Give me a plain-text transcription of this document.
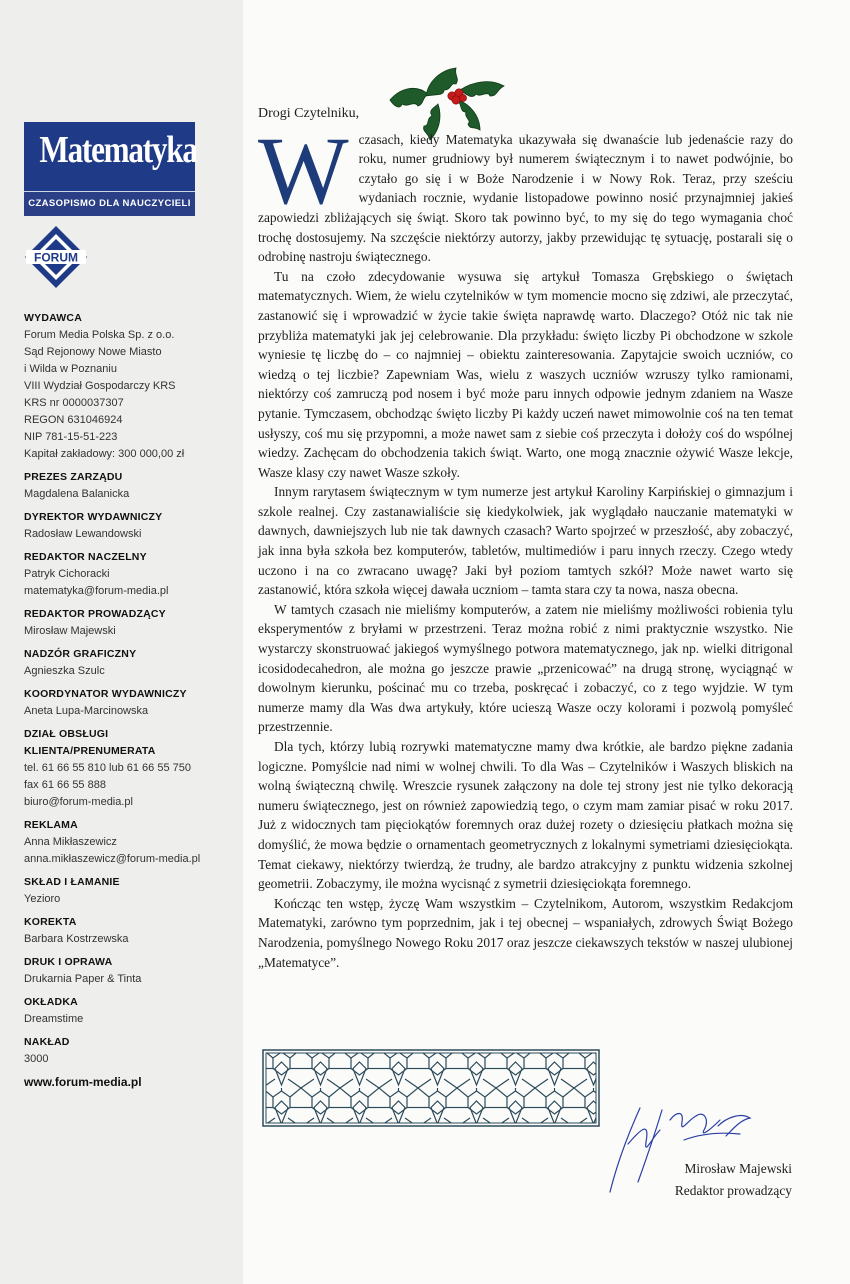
Matematyka
CZASOPISMO DLA NAUCZYCIELI
FORUM
WYDAWCA
Forum Media Polska Sp. z o.o.
Sąd Rejonowy Nowe Miasto
i Wilda w Poznaniu
VIII Wydział Gospodarczy KRS
KRS nr 0000037307
REGON 631046924
NIP 781-15-51-223
Kapitał zakładowy: 300 000,00 zł
PREZES ZARZĄDU
Magdalena Balanicka
DYREKTOR WYDAWNICZY
Radosław Lewandowski
REDAKTOR NACZELNY
Patryk Cichoracki
matematyka@forum-media.pl
REDAKTOR PROWADZĄCY
Mirosław Majewski
NADZÓR GRAFICZNY
Agnieszka Szulc
KOORDYNATOR WYDAWNICZY
Aneta Lupa-Marcinowska
DZIAŁ OBSŁUGI KLIENTA/PRENUMERATA
tel. 61 66 55 810 lub 61 66 55 750
fax 61 66 55 888
biuro@forum-media.pl
REKLAMA
Anna Mikłaszewicz
anna.mikłaszewicz@forum-media.pl
SKŁAD I ŁAMANIE
Yezioro
KOREKTA
Barbara Kostrzewska
DRUK I OPRAWA
Drukarnia Paper & Tinta
OKŁADKA
Dreamstime
NAKŁAD
3000
www.forum-media.pl
Drogi Czytelniku,

Wczasach, kiedy Matematyka ukazywała się dwanaście lub jedenaście razy do roku, numer grudniowy był numerem świątecznym i to nawet podwójnie, bo czytało go się i w Boże Narodzenie i w Nowy Rok. Teraz, przy sześciu wydaniach rocznie, wydanie listopadowe powinno nosić przynajmniej jakieś zapowiedzi zbliżających się świąt. Skoro tak powinno być, to my się do tego wymagania choć trochę dostosujemy. Na szczęście niektórzy autorzy, jakby przewidując tę sytuację, postarali się o odrobinę nastroju świątecznego.

Tu na czoło zdecydowanie wysuwa się artykuł Tomasza Grębskiego o świętach matematycznych. Wiem, że wielu czytelników w tym momencie mocno się zdziwi, ale przeczytać, zastanowić się i wprowadzić w życie takie święta naprawdę warto. Dlaczego? Otóż nic tak nie przybliża matematyki jak jej celebrowanie. Dla przykładu: święto liczby Pi obchodzone w szkole wyniesie tę liczbę do – co najmniej – obiektu zainteresowania. Zapytajcie swoich uczniów, co wiedzą o tej liczbie? Zapewniam Was, wielu z waszych uczniów wzruszy tylko ramionami, niektórzy coś zamruczą pod nosem i być może paru innych odpowie jednym zdaniem na Wasze pytanie. Tymczasem, obchodząc święto liczby Pi każdy uczeń nawet mimowolnie coś na ten temat usłyszy, coś mu się przypomni, a może nawet sam z siebie coś przeczyta i dołoży coś do wspólnej wiedzy. Zachęcam do obchodzenia takich świąt. Warto, one mogą znacznie ożywić Wasze lekcje, Wasze klasy czy nawet Wasze szkoły.

Innym rarytasem świątecznym w tym numerze jest artykuł Karoliny Karpińskiej o gimnazjum i szkole realnej. Czy zastanawialiście się kiedykolwiek, jak wyglądało nauczanie matematyki w dawnych, dawniejszych lub nie tak dawnych czasach? Warto spojrzeć w przeszłość, aby zobaczyć, jak inna była szkoła bez komputerów, tabletów, multimediów i paru innych rzeczy. Czego wtedy uczono i na co zwracano uwagę? Jaki był poziom tamtych szkół? Może nawet warto się zastanowić, która szkoła więcej dawała uczniom – tamta stara czy ta nowa, nasza obecna.

W tamtych czasach nie mieliśmy komputerów, a zatem nie mieliśmy możliwości robienia tylu eksperymentów z bryłami w przestrzeni. Teraz można robić z nimi praktycznie wszystko. Nie wystarczy skonstruować jakiegoś wymyślnego potwora matematycznego, jak np. wielki ditrigonal icosidodecahedron, ale można go jeszcze prawie „przenicować” na drugą stronę, wyciągnąć w dowolnym kierunku, pościnać mu co trzeba, poskręcać i zobaczyć, co z tego wyjdzie. W tym numerze mamy dla Was dwa artykuły, które ucieszą Wasze oczy kolorami i pozwolą pomyśleć przestrzennie.

Dla tych, którzy lubią rozrywki matematyczne mamy dwa krótkie, ale bardzo piękne zadania logiczne. Pomyślcie nad nimi w wolnej chwili. To dla Was – Czytelników i Waszych bliskich na wolną świąteczną chwilę. Wreszcie rysunek załączony na dole tej strony jest nie tylko dekoracją numeru świątecznego, jest on również zapowiedzią tego, o czym mam zamiar pisać w roku 2017. Już z widocznych tam pięciokątów foremnych oraz dużej rozety o dziesięciu płatkach można się domyślić, że mowa będzie o ornamentach geometrycznych z lokalnymi symetriami dziesięciokąta. Temat ciekawy, niektórzy twierdzą, że trudny, ale bardzo atrakcyjny z punktu widzenia szkolnej geometrii. Zobaczymy, ile można wycisnąć z symetrii dziesięciokąta foremnego.

Kończąc ten wstęp, życzę Wam wszystkim – Czytelnikom, Autorom, wszystkim Redakcjom Matematyki, zarówno tym poprzednim, jak i tej obecnej – wspaniałych, zdrowych Świąt Bożego Narodzenia, pomyślnego Nowego Roku 2017 oraz jeszcze ciekawszych tekstów w naszej ulubionej „Matematyce”.

Mirosław Majewski
Redaktor prowadzący
